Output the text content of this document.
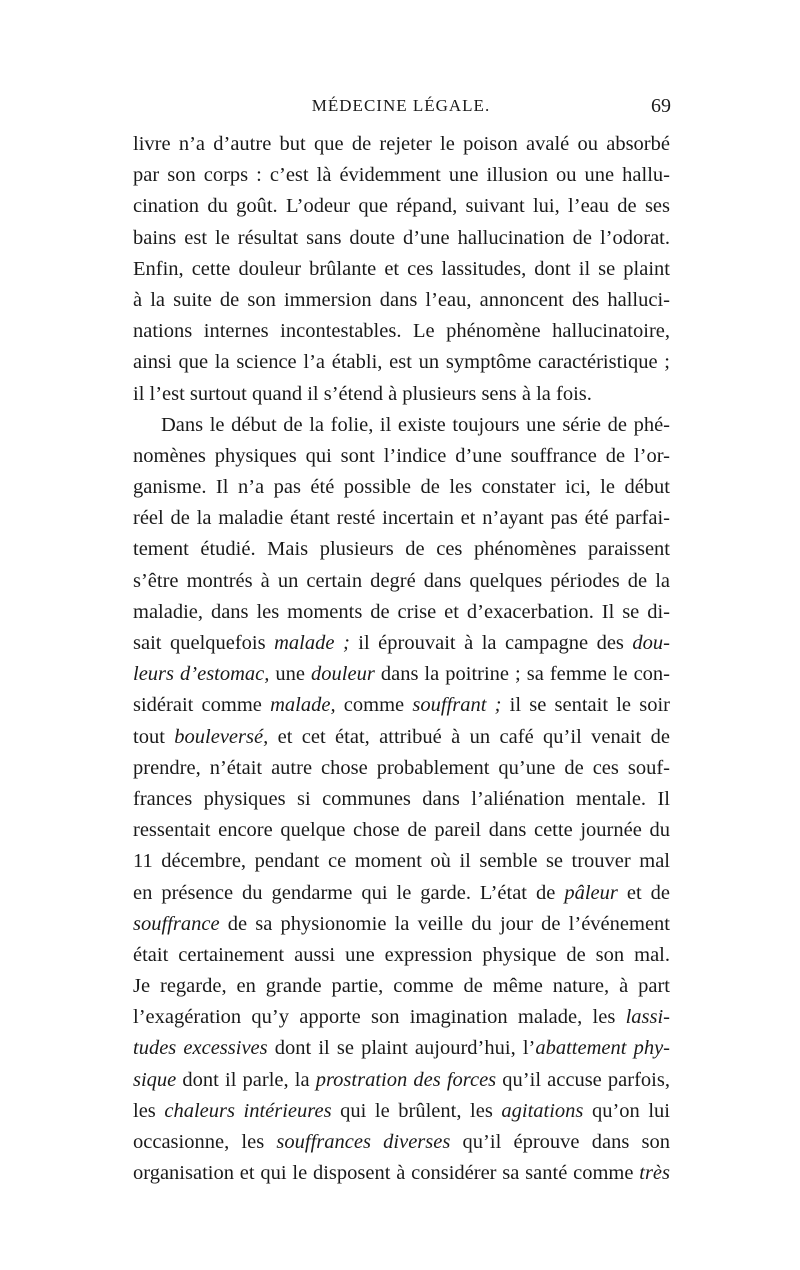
MÉDECINE LÉGALE.	69
livre n’a d’autre but que de rejeter le poison avalé ou absorbé
par son corps : c’est là évidemment une illusion ou une hallu-
cination du goût. L’odeur que répand, suivant lui, l’eau de ses
bains est le résultat sans doute d’une hallucination de l’odorat.
Enfin, cette douleur brûlante et ces lassitudes, dont il se plaint
à la suite de son immersion dans l’eau, annoncent des halluci-
nations internes incontestables. Le phénomène hallucinatoire,
ainsi que la science l’a établi, est un symptôme caractéristique ;
il l’est surtout quand il s’étend à plusieurs sens à la fois.
Dans le début de la folie, il existe toujours une série de phé-
nomènes physiques qui sont l’indice d’une souffrance de l’or-
ganisme. Il n’a pas été possible de les constater ici, le début
réel de la maladie étant resté incertain et n’ayant pas été parfai-
tement étudié. Mais plusieurs de ces phénomènes paraissent
s’être montrés à un certain degré dans quelques périodes de la
maladie, dans les moments de crise et d’exacerbation. Il se di-
sait quelquefois malade ; il éprouvait à la campagne des dou-
leurs d’estomac, une douleur dans la poitrine ; sa femme le con-
sidérait comme malade, comme souffrant ; il se sentait le soir
tout bouleversé, et cet état, attribué à un café qu’il venait de
prendre, n’était autre chose probablement qu’une de ces souf-
frances physiques si communes dans l’aliénation mentale. Il
ressentait encore quelque chose de pareil dans cette journée du
11 décembre, pendant ce moment où il semble se trouver mal
en présence du gendarme qui le garde. L’état de pâleur et de
souffrance de sa physionomie la veille du jour de l’événement
était certainement aussi une expression physique de son mal.
Je regarde, en grande partie, comme de même nature, à part
l’exagération qu’y apporte son imagination malade, les lassi-
tudes excessives dont il se plaint aujourd’hui, l’abattement phy-
sique dont il parle, la prostration des forces qu’il accuse parfois,
les chaleurs intérieures qui le brûlent, les agitations qu’on lui
occasionne, les souffrances diverses qu’il éprouve dans son
organisation et qui le disposent à considérer sa santé comme très
